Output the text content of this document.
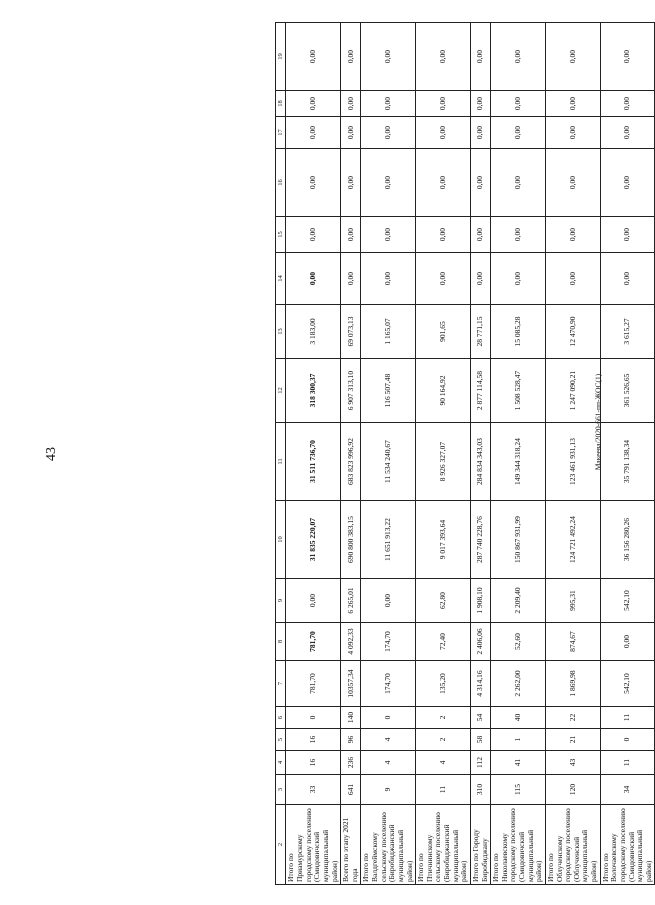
43	Макеева/2020-661-пп-ЖОС(1)
2	3	4	5	6	7	8	9	10	11	12	13	14	15	16	17	18	19
Итого по Приамурскому городскому поселению (Смидовичский муниципальный район)	33	16	16	0	781,70	781,70	0,00	31 835 220,07	31 511 736,70	318 300,37	3 183,00	0,00	0,00	0,00	0,00	0,00	0,00
Всего по этапу 2021 года	641	236	96	140	10357,34	4 092,33	6 265,01	690 800 383,15	683 823 996,92	6 907 313,10	69 073,13	0,00	0,00	0,00	0,00	0,00	0,00
Итого по Валдгеймскому сельскому поселению (Биробиджанский муниципальный район)	9	4	4	0	174,70	174,70	0,00	11 651 913,22	11 534 240,67	116 507,48	1 165,07	0,00	0,00	0,00	0,00	0,00	0,00
Итого по Птичнинскому сельскому поселению (Биробиджанский муниципальный район)	11	4	2	2	135,20	72,40	62,80	9 017 393,64	8 926 327,07	90 164,92	901,65	0,00	0,00	0,00	0,00	0,00	0,00
Итого по Городу Биробиджану	310	112	58	54	4 314,16	2 406,06	1 908,10	287 740 228,76	284 834 343,03	2 877 114,58	28 771,15	0,00	0,00	0,00	0,00	0,00	0,00
Итого по Николаевскому городскому поселению (Смидовичский муниципальный район)	115	41	1	40	2 262,00	52,60	2 209,40	150 867 931,99	149 344 318,24	1 508 528,47	15 085,28	0,00	0,00	0,00	0,00	0,00	0,00
Итого по Облученскому городскому поселению (Облученский муниципальный район)	120	43	21	22	1 869,98	874,67	995,31	124 721 492,24	123 461 931,13	1 247 090,21	12 470,90	0,00	0,00	0,00	0,00	0,00	0,00
Итого по Волочаевскому городскому поселению (Смидовичский муниципальный район)	34	11	0	11	542,10	0,00	542,10	36 156 280,26	35 791 138,34	361 526,65	3 615,27	0,00	0,00	0,00	0,00	0,00	0,00
